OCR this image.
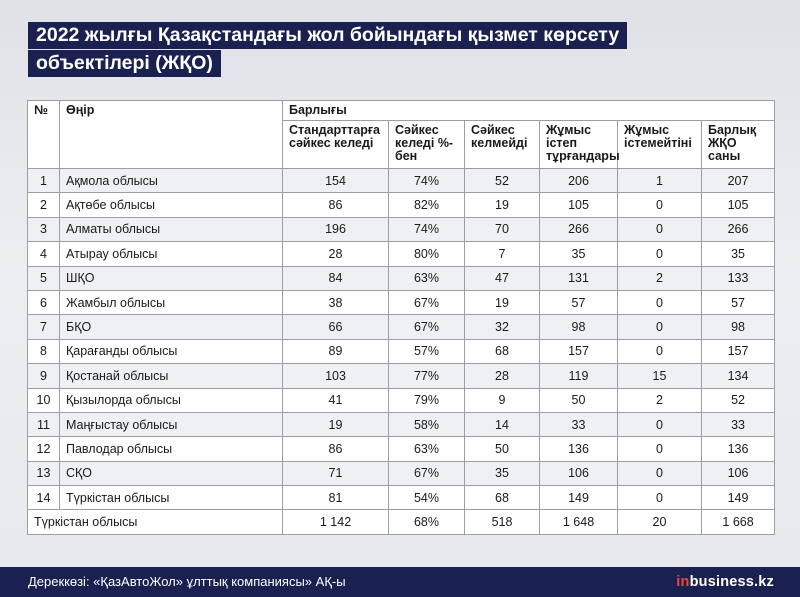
2022 жылғы Қазақстандағы жол бойындағы қызмет көрсету
объектілері (ЖҚО)
№	Өңір	Барлығы					
		Стандарттарға сәйкес келеді	Сәйкес келеді %-бен	Сәйкес келмейді	Жұмыс істеп тұрғандары	Жұмыс істемейтіні	Барлық ЖҚО саны
1	Ақмола облысы	154	74%	52	206	1	207
2	Ақтөбе облысы	86	82%	19	105	0	105
3	Алматы облысы	196	74%	70	266	0	266
4	Атырау облысы	28	80%	7	35	0	35
5	ШҚО	84	63%	47	131	2	133
6	Жамбыл облысы	38	67%	19	57	0	57
7	БҚО	66	67%	32	98	0	98
8	Қарағанды облысы	89	57%	68	157	0	157
9	Қостанай облысы	103	77%	28	119	15	134
10	Қызылорда облысы	41	79%	9	50	2	52
11	Маңғыстау облысы	19	58%	14	33	0	33
12	Павлодар облысы	86	63%	50	136	0	136
13	СҚО	71	67%	35	106	0	106
14	Түркістан облысы	81	54%	68	149	0	149
Түркістан облысы		1 142	68%	518	1 648	20	1 668
Дереккөзі: «ҚазАвтоЖол» ұлттық компаниясы» АҚ-ы	inbusiness.kz
